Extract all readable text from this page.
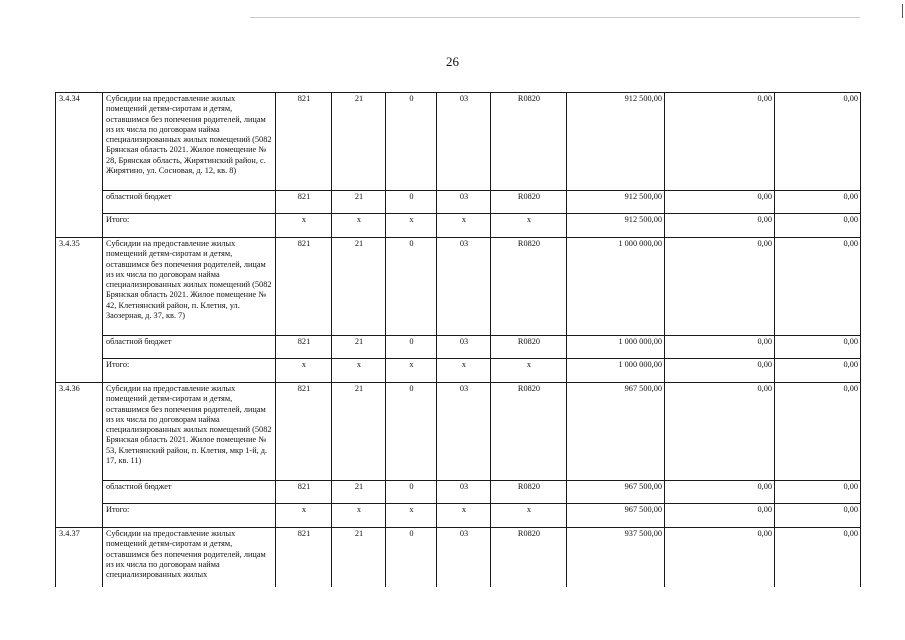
26
3.4.34	Субсидии на предоставление жилых помещений детям-сиротам и детям, оставшимся без попечения родителей, лицам из их числа по договорам найма специализированных жилых помещений (5082 Брянская область 2021. Жилое помещение № 28, Брянская область, Жирятинский район, с. Жирятино, ул. Сосновая, д. 12, кв. 8)	821	21	0	03	R0820	912 500,00	0,00	0,00
	областной бюджет	821	21	0	03	R0820	912 500,00	0,00	0,00
	Итого:	x	x	x	x	x	912 500,00	0,00	0,00
3.4.35	Субсидии на предоставление жилых помещений детям-сиротам и детям, оставшимся без попечения родителей, лицам из их числа по договорам найма специализированных жилых помещений (5082 Брянская область 2021. Жилое помещение № 42, Клетнянский район, п. Клетня, ул. Заозерная, д. 37, кв. 7)	821	21	0	03	R0820	1 000 000,00	0,00	0,00
	областной бюджет	821	21	0	03	R0820	1 000 000,00	0,00	0,00
	Итого:	x	x	x	x	x	1 000 000,00	0,00	0,00
3.4.36	Субсидии на предоставление жилых помещений детям-сиротам и детям, оставшимся без попечения родителей, лицам из их числа по договорам найма специализированных жилых помещений (5082 Брянская область 2021. Жилое помещение № 53, Клетнянский район, п. Клетня, мкр 1-й, д. 17, кв. 11)	821	21	0	03	R0820	967 500,00	0,00	0,00
	областной бюджет	821	21	0	03	R0820	967 500,00	0,00	0,00
	Итого:	x	x	x	x	x	967 500,00	0,00	0,00
3.4.37	Субсидии на предоставление жилых помещений детям-сиротам и детям, оставшимся без попечения родителей, лицам из их числа по договорам найма специализированных жилых	821	21	0	03	R0820	937 500,00	0,00	0,00
